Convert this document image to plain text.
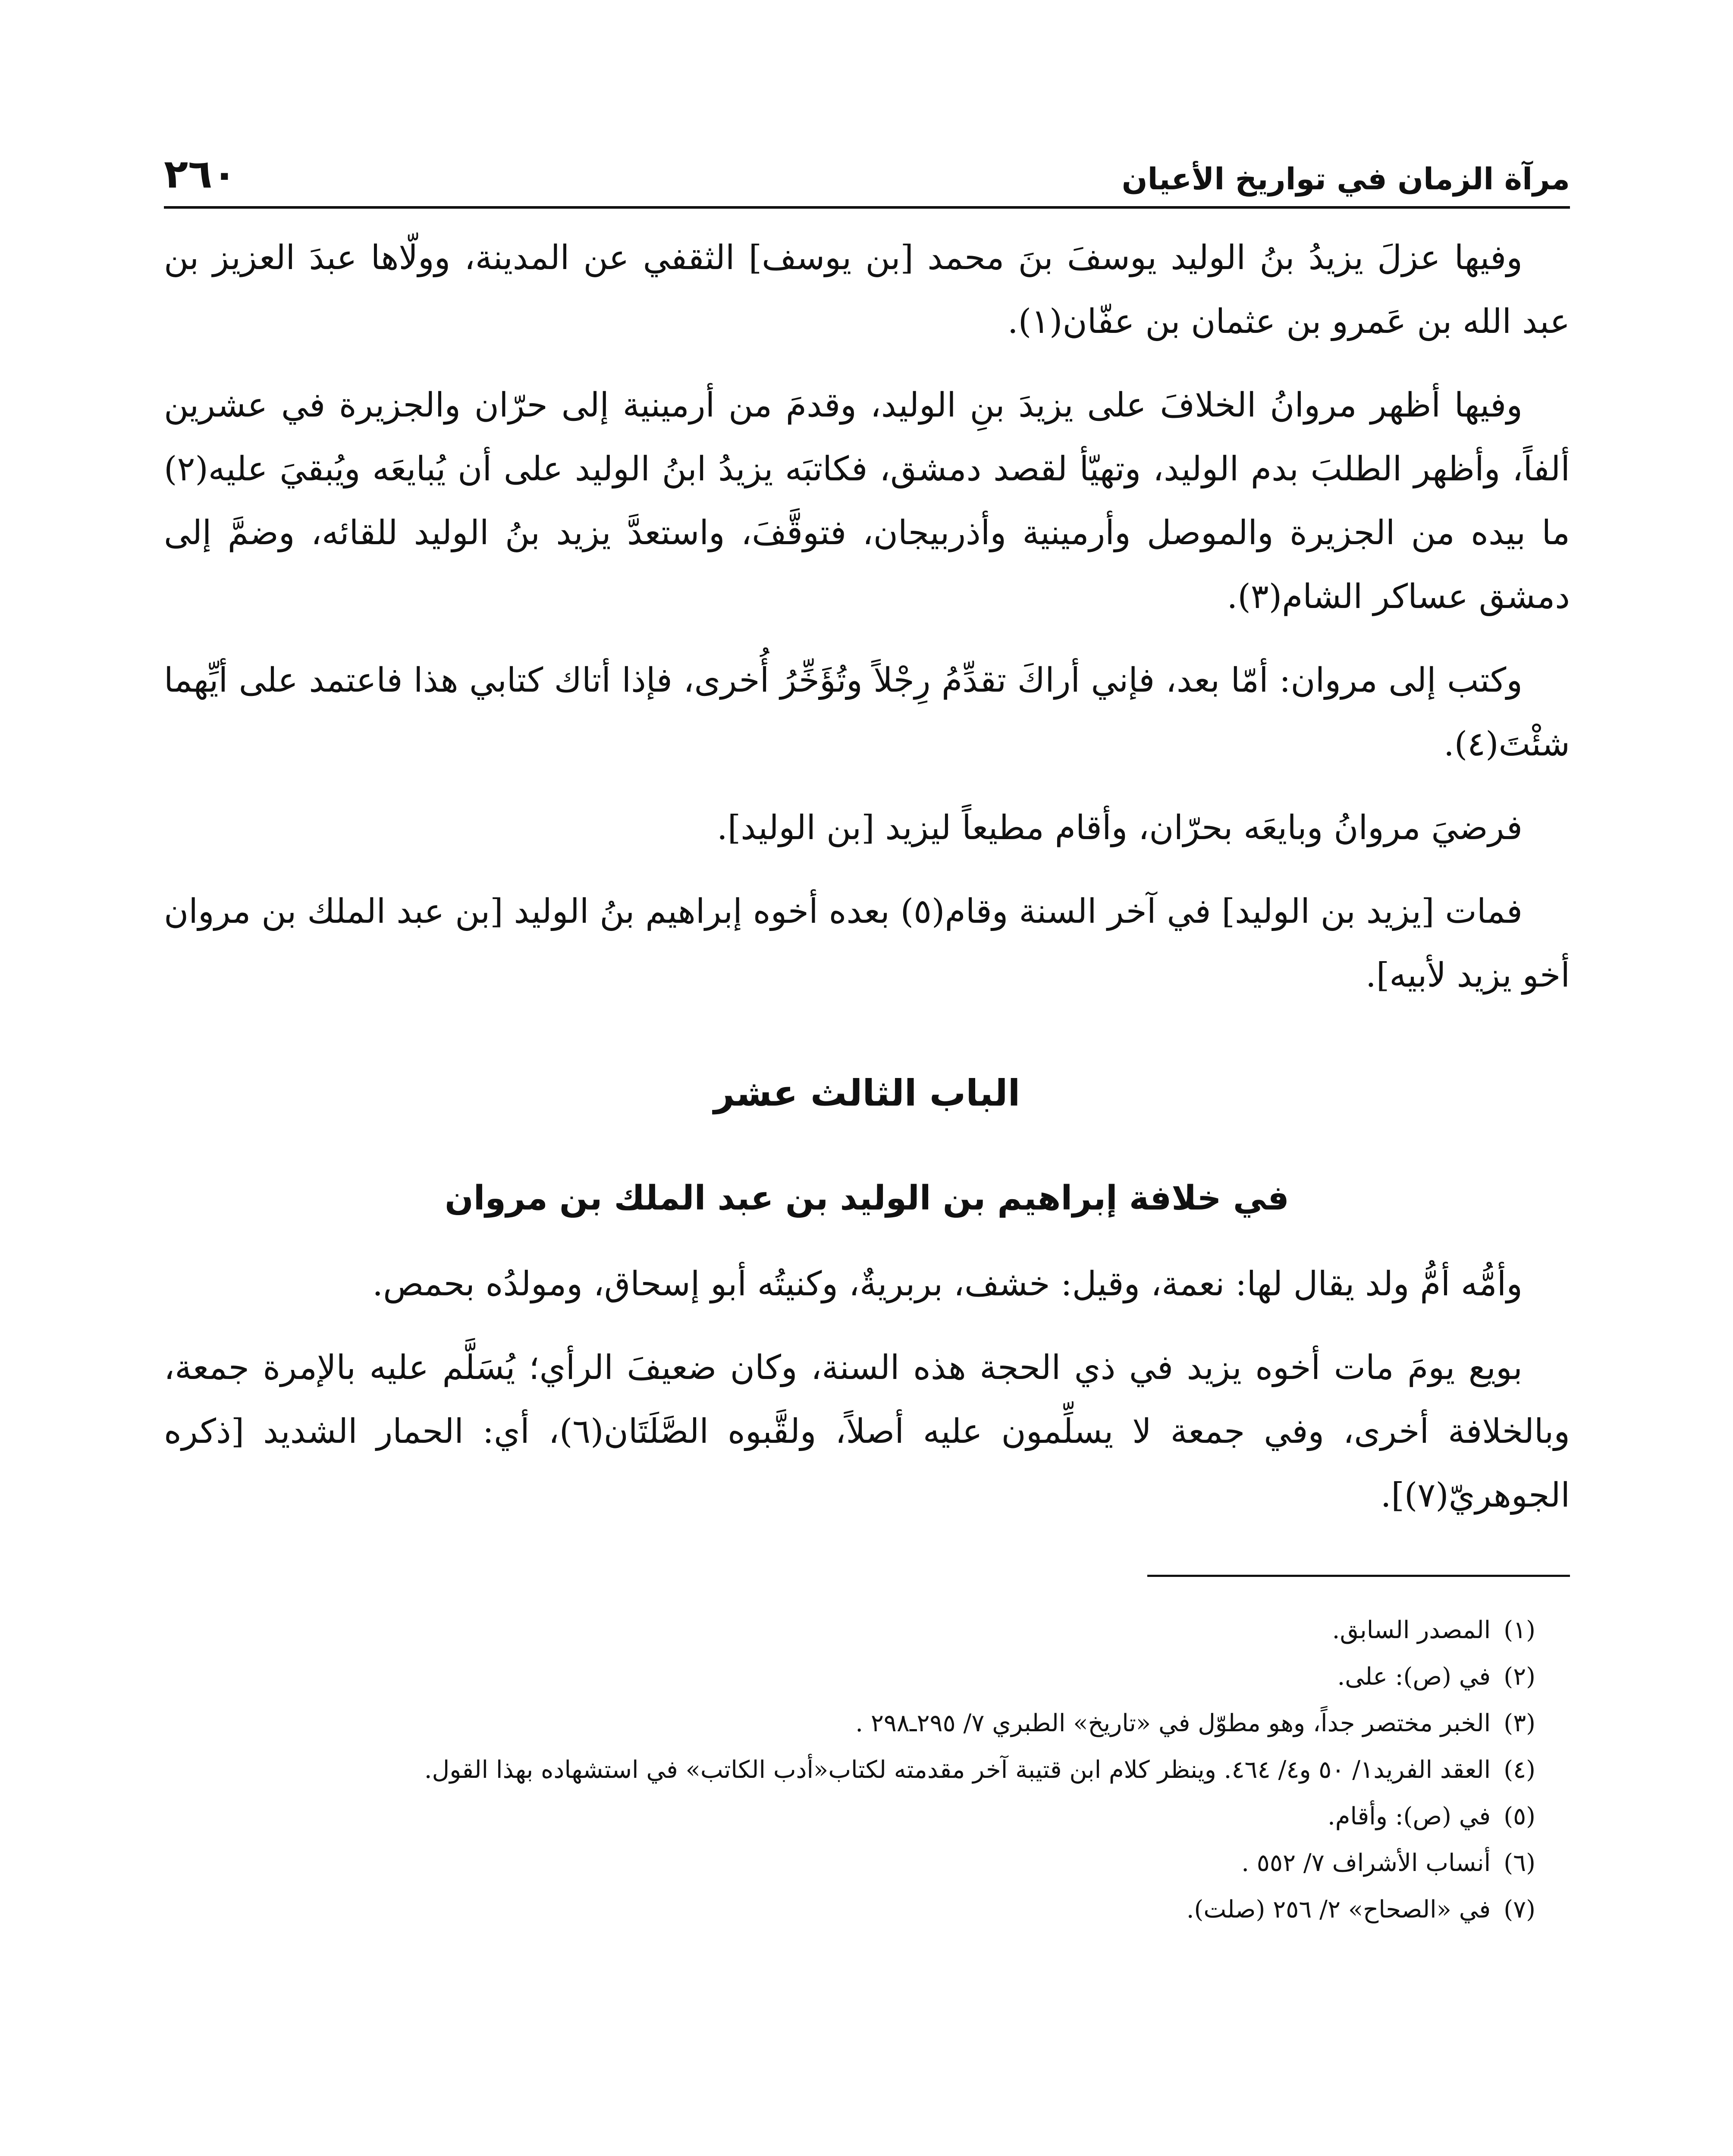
مرآة الزمان في تواريخ الأعيان
٢٦٠

وفيها عزلَ يزيدُ بنُ الوليد يوسفَ بنَ محمد [بن يوسف] الثقفي عن المدينة، وولّاها عبدَ العزيز بن عبد الله بن عَمرو بن عثمان بن عفّان(١).

وفيها أظهر مروانُ الخلافَ على يزيدَ بنِ الوليد، وقدمَ من أرمينية إلى حرّان والجزيرة في عشرين ألفاً، وأظهر الطلبَ بدم الوليد، وتهيّأ لقصد دمشق، فكاتبَه يزيدُ ابنُ الوليد على أن يُبايعَه ويُبقيَ عليه(٢) ما بيده من الجزيرة والموصل وأرمينية وأذربيجان، فتوقَّفَ، واستعدَّ يزيد بنُ الوليد للقائه، وضمَّ إلى دمشق عساكر الشام(٣).

وكتب إلى مروان: أمّا بعد، فإني أراكَ تقدِّمُ رِجْلاً وتُؤَخِّرُ أُخرى، فإذا أتاك كتابي هذا فاعتمد على أيِّهما شئْتَ(٤).

فرضيَ مروانُ وبايعَه بحرّان، وأقام مطيعاً ليزيد [بن الوليد].

فمات [يزيد بن الوليد] في آخر السنة وقام(٥) بعده أخوه إبراهيم بنُ الوليد [بن عبد الملك بن مروان أخو يزيد لأبيه].

الباب الثالث عشر
في خلافة إبراهيم بن الوليد بن عبد الملك بن مروان

وأمُّه أمُّ ولد يقال لها: نعمة، وقيل: خشف، بربريةٌ، وكنيتُه أبو إسحاق، ومولدُه بحمص.

بويع يومَ مات أخوه يزيد في ذي الحجة هذه السنة، وكان ضعيفَ الرأي؛ يُسَلَّم عليه بالإمرة جمعة، وبالخلافة أخرى، وفي جمعة لا يسلِّمون عليه أصلاً، ولقَّبوه الصَّلَتَان(٦)، أي: الحمار الشديد [ذكره الجوهريّ(٧)].

(١)المصدر السابق.
(٢)في (ص): على.
(٣)الخبر مختصر جداً، وهو مطوّل في «تاريخ» الطبري ٧/ ٢٩٥ـ٢٩٨ .
(٤)العقد الفريد١/ ٥٠ و٤/ ٤٦٤. وينظر كلام ابن قتيبة آخر مقدمته لكتاب«أدب الكاتب» في استشهاده بهذا القول.
(٥)في (ص): وأقام.
(٦)أنساب الأشراف ٧/ ٥٥٢ .
(٧)في «الصحاح» ٢/ ٢٥٦ (صلت).
